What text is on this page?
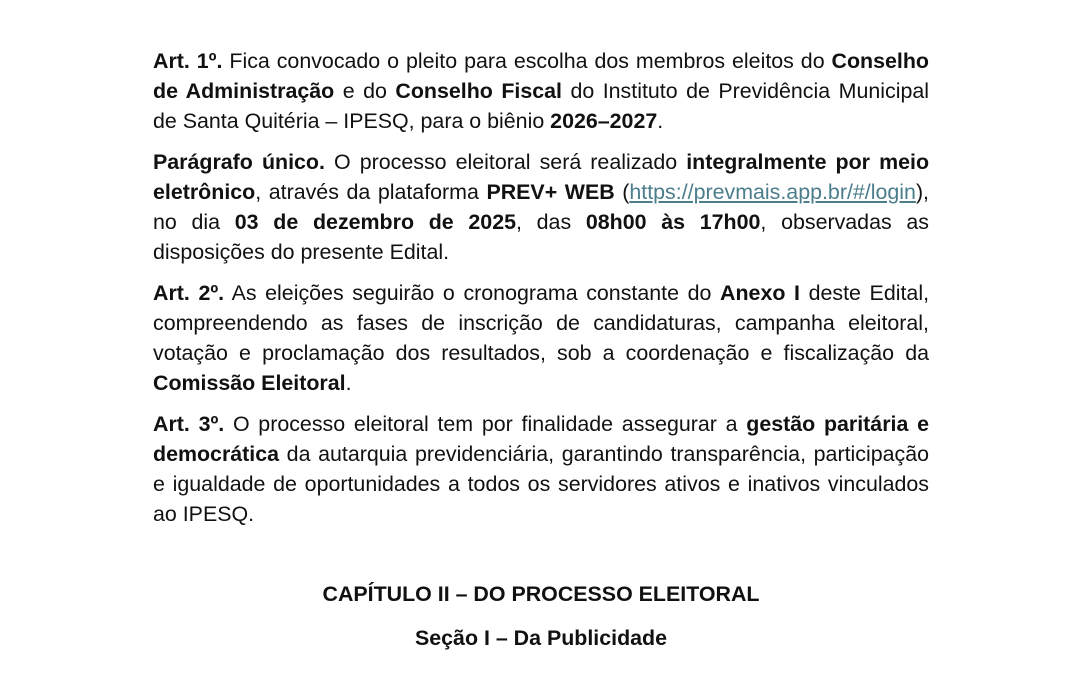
Art. 1º. Fica convocado o pleito para escolha dos membros eleitos do Conselho de Administração e do Conselho Fiscal do Instituto de Previdência Municipal de Santa Quitéria – IPESQ, para o biênio 2026–2027.

Parágrafo único. O processo eleitoral será realizado integralmente por meio eletrônico, através da plataforma PREV+ WEB (https://prevmais.app.br/#/login), no dia 03 de dezembro de 2025, das 08h00 às 17h00, observadas as disposições do presente Edital.

Art. 2º. As eleições seguirão o cronograma constante do Anexo I deste Edital, compreendendo as fases de inscrição de candidaturas, campanha eleitoral, votação e proclamação dos resultados, sob a coordenação e fiscalização da Comissão Eleitoral.

Art. 3º. O processo eleitoral tem por finalidade assegurar a gestão paritária e democrática da autarquia previdenciária, garantindo transparência, participação e igualdade de oportunidades a todos os servidores ativos e inativos vinculados ao IPESQ.

CAPÍTULO II – DO PROCESSO ELEITORAL

Seção I – Da Publicidade
